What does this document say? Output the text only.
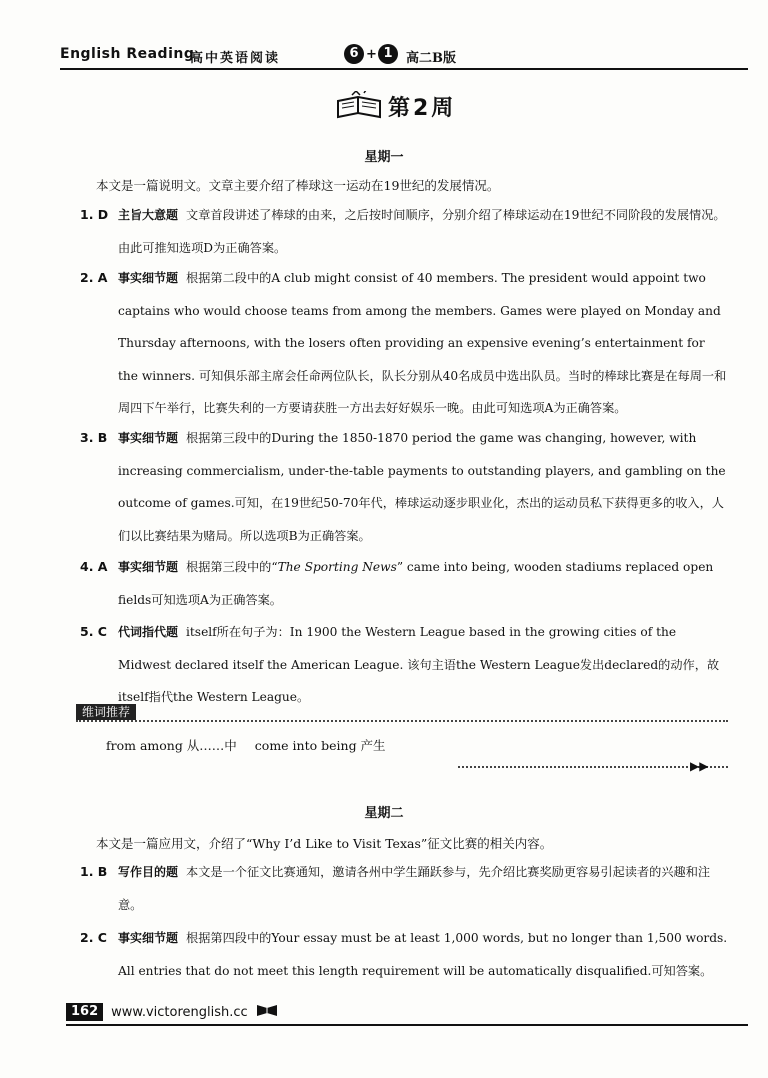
English Reading
高中英语阅读	6 + 1	高二B版
第2周
星期一
本文是一篇说明文。文章主要介绍了棒球这一运动在19世纪的发展情况。
1. D 主旨大意题 文章首段讲述了棒球的由来，之后按时间顺序，分别介绍了棒球运动在19世纪不同阶段的发展情况。由此可推知选项D为正确答案。
2. A 事实细节题 根据第二段中的A club might consist of 40 members. The president would appoint two captains who would choose teams from among the members. Games were played on Monday and Thursday afternoons, with the losers often providing an expensive evening’s entertainment for the winners. 可知俱乐部主席会任命两位队长，队长分别从40名成员中选出队员。当时的棒球比赛是在每周一和周四下午举行，比赛失利的一方要请获胜一方出去好好娱乐一晚。由此可知选项A为正确答案。
3. B 事实细节题 根据第三段中的During the 1850-1870 period the game was changing, however, with increasing commercialism, under-the-table payments to outstanding players, and gambling on the outcome of games.可知，在19世纪50-70年代，棒球运动逐步职业化，杰出的运动员私下获得更多的收入，人们以比赛结果为赌局。所以选项B为正确答案。
4. A 事实细节题 根据第三段中的“The Sporting News” came into being, wooden stadiums replaced open fields可知选项A为正确答案。
5. C 代词指代题 itself所在句子为：In 1900 the Western League based in the growing cities of the Midwest declared itself the American League. 该句主语the Western League发出declared的动作，故itself指代the Western League。
维词推荐
from among 从……中 come into being 产生
▶▶
星期二
本文是一篇应用文，介绍了“Why I’d Like to Visit Texas”征文比赛的相关内容。
1. B 写作目的题 本文是一个征文比赛通知，邀请各州中学生踊跃参与，先介绍比赛奖励更容易引起读者的兴趣和注意。
2. C 事实细节题 根据第四段中的Your essay must be at least 1,000 words, but no longer than 1,500 words. All entries that do not meet this length requirement will be automatically disqualified.可知答案。
162	www.victorenglish.cc
